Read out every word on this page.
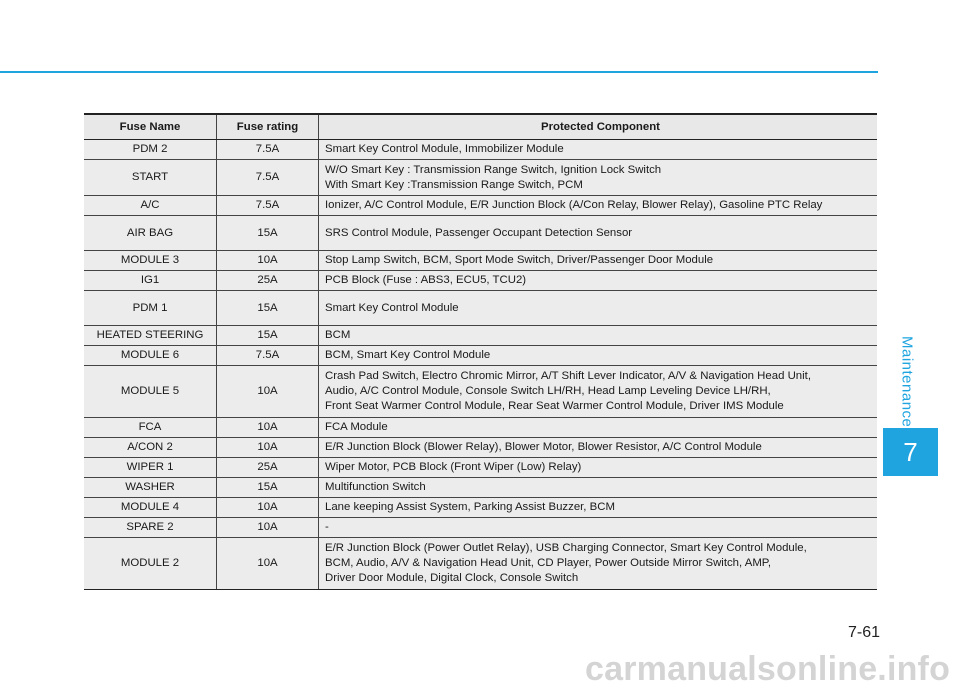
Fuse Name	Fuse rating	Protected Component
PDM 2	7.5A	Smart Key Control Module, Immobilizer Module

START	7.5A	W/O Smart Key : Transmission Range Switch, Ignition Lock Switch
With Smart Key :Transmission Range Switch, PCM

A/C	7.5A	Ionizer, A/C Control Module, E/R Junction Block (A/Con Relay, Blower Relay), Gasoline PTC Relay

AIR BAG	15A	SRS Control Module, Passenger Occupant Detection Sensor

MODULE 3	10A	Stop Lamp Switch, BCM, Sport Mode Switch, Driver/Passenger Door Module

IG1	25A	PCB Block (Fuse : ABS3, ECU5, TCU2)

PDM 1	15A	Smart Key Control Module

HEATED STEERING	15A	BCM

MODULE 6	7.5A	BCM, Smart Key Control Module

MODULE 5	10A	Crash Pad Switch, Electro Chromic Mirror, A/T Shift Lever Indicator, A/V & Navigation Head Unit,
Audio, A/C Control Module, Console Switch LH/RH, Head Lamp Leveling Device LH/RH,
Front Seat Warmer Control Module, Rear Seat Warmer Control Module, Driver IMS Module

FCA	10A	FCA Module

A/CON 2	10A	E/R Junction Block (Blower Relay), Blower Motor, Blower Resistor, A/C Control Module

WIPER 1	25A	Wiper Motor, PCB Block (Front Wiper (Low) Relay)

WASHER	15A	Multifunction Switch

MODULE 4	10A	Lane keeping Assist System, Parking Assist Buzzer, BCM

SPARE 2	10A	-

MODULE 2	10A	E/R Junction Block (Power Outlet Relay), USB Charging Connector, Smart Key Control Module,
BCM, Audio, A/V & Navigation Head Unit, CD Player, Power Outside Mirror Switch, AMP,
Driver Door Module, Digital Clock, Console Switch
Maintenance
7
7-61
carmanualsonline.info
